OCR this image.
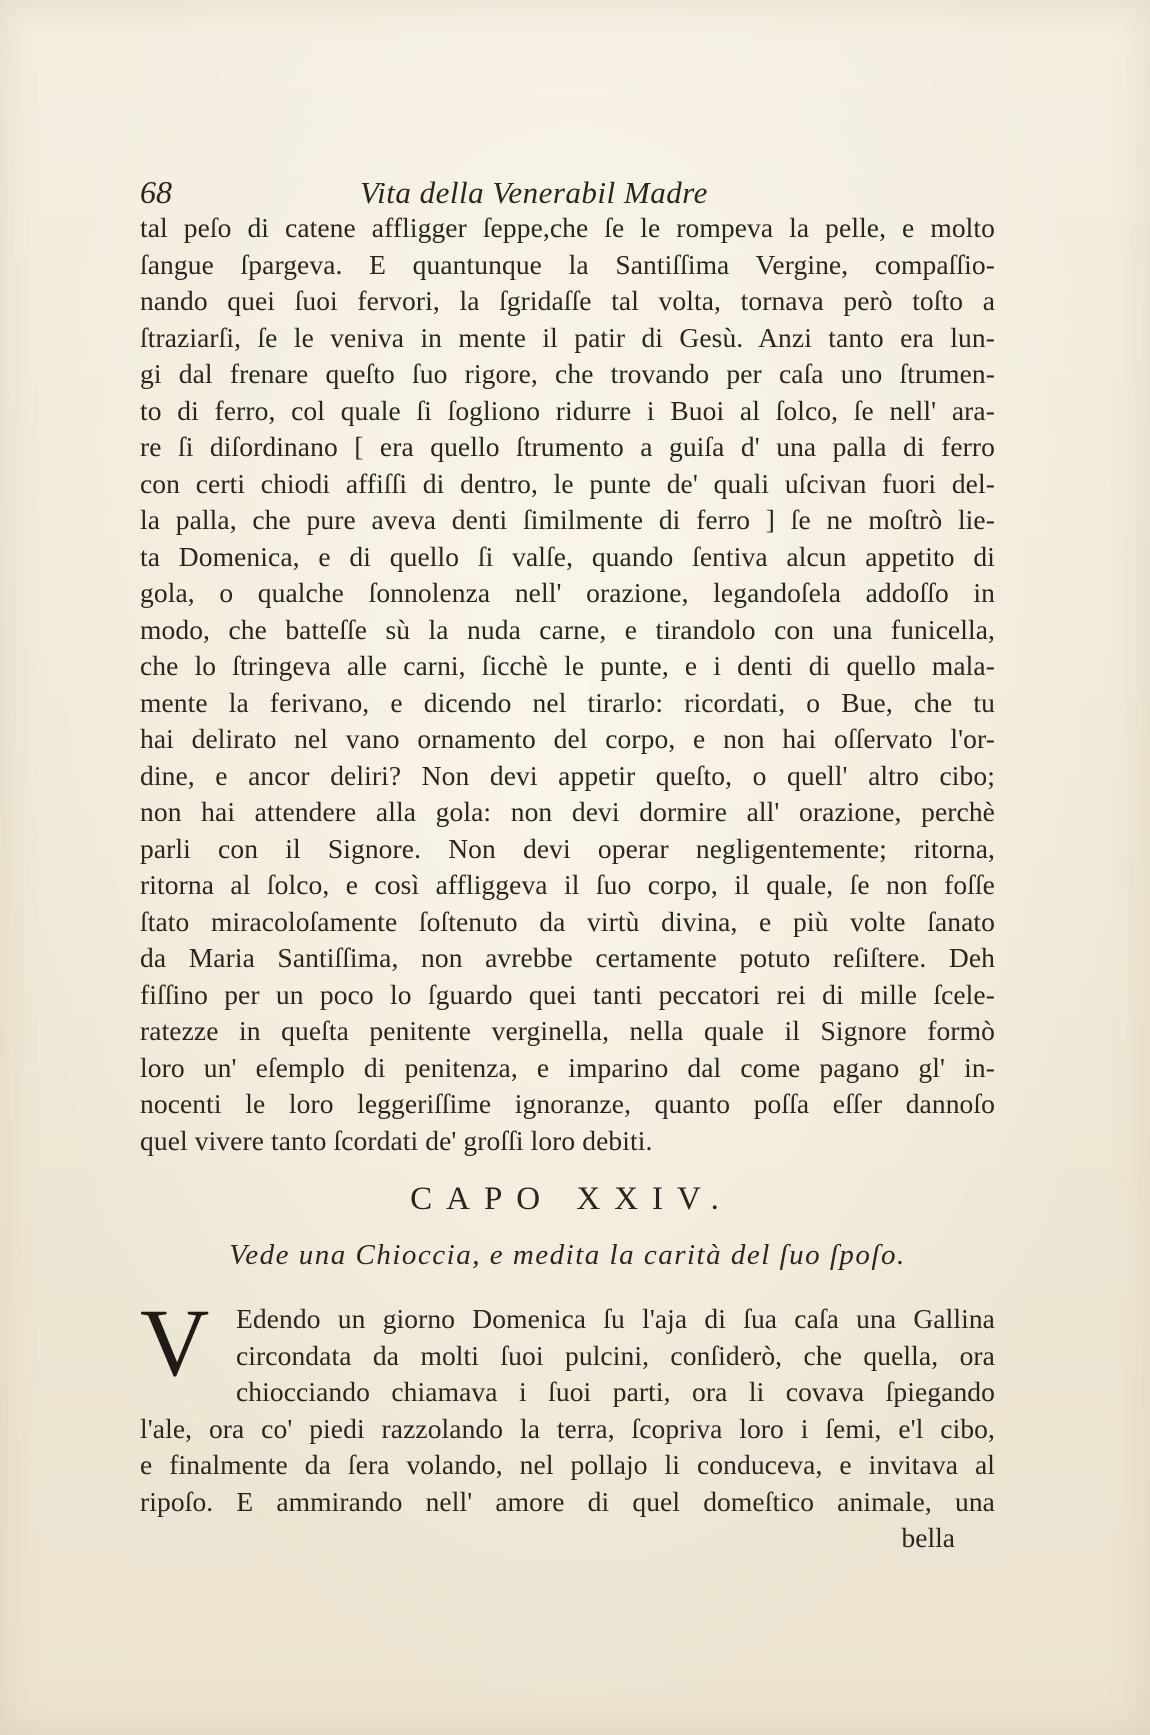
68	Vita della Venerabil Madre
tal peſo di catene affligger ſeppe,che ſe le rompeva la pelle, e molto
ſangue ſpargeva. E quantunque la Santiſſima Vergine, compaſſio-
nando quei ſuoi fervori, la ſgridaſſe tal volta, tornava però toſto a
ſtraziarſi, ſe le veniva in mente il patir di Gesù. Anzi tanto era lun-
gi dal frenare queſto ſuo rigore, che trovando per caſa uno ſtrumen-
to di ferro, col quale ſi ſogliono ridurre i Buoi al ſolco, ſe nell' ara-
re ſi diſordinano [ era quello ſtrumento a guiſa d' una palla di ferro
con certi chiodi affiſſi di dentro, le punte de' quali uſcivan fuori del-
la palla, che pure aveva denti ſimilmente di ferro ] ſe ne moſtrò lie-
ta Domenica, e di quello ſi valſe, quando ſentiva alcun appetito di
gola, o qualche ſonnolenza nell' orazione, legandoſela addoſſo in
modo, che batteſſe sù la nuda carne, e tirandolo con una funicella,
che lo ſtringeva alle carni, ſicchè le punte, e i denti di quello mala-
mente la ferivano, e dicendo nel tirarlo: ricordati, o Bue, che tu
hai delirato nel vano ornamento del corpo, e non hai oſſervato l'or-
dine, e ancor deliri? Non devi appetir queſto, o quell' altro cibo;
non hai attendere alla gola: non devi dormire all' orazione, perchè
parli con il Signore. Non devi operar negligentemente; ritorna,
ritorna al ſolco, e così affliggeva il ſuo corpo, il quale, ſe non foſſe
ſtato miracoloſamente ſoſtenuto da virtù divina, e più volte ſanato
da Maria Santiſſima, non avrebbe certamente potuto reſiſtere. Deh
fiſſino per un poco lo ſguardo quei tanti peccatori rei di mille ſcele-
ratezze in queſta penitente verginella, nella quale il Signore formò
loro un' eſemplo di penitenza, e imparino dal come pagano gl' in-
nocenti le loro leggeriſſime ignoranze, quanto poſſa eſſer dannoſo
quel vivere tanto ſcordati de' groſſi loro debiti.
CAPO XXIV.
Vede una Chioccia, e medita la carità del ſuo ſpoſo.
V Edendo un giorno Domenica ſu l'aja di ſua caſa una Gallina
circondata da molti ſuoi pulcini, conſiderò, che quella, ora
chiocciando chiamava i ſuoi parti, ora li covava ſpiegando
l'ale, ora co' piedi razzolando la terra, ſcopriva loro i ſemi, e'l cibo,
e finalmente da ſera volando, nel pollajo li conduceva, e invitava al
ripoſo. E ammirando nell' amore di quel domeſtico animale, una
bella
